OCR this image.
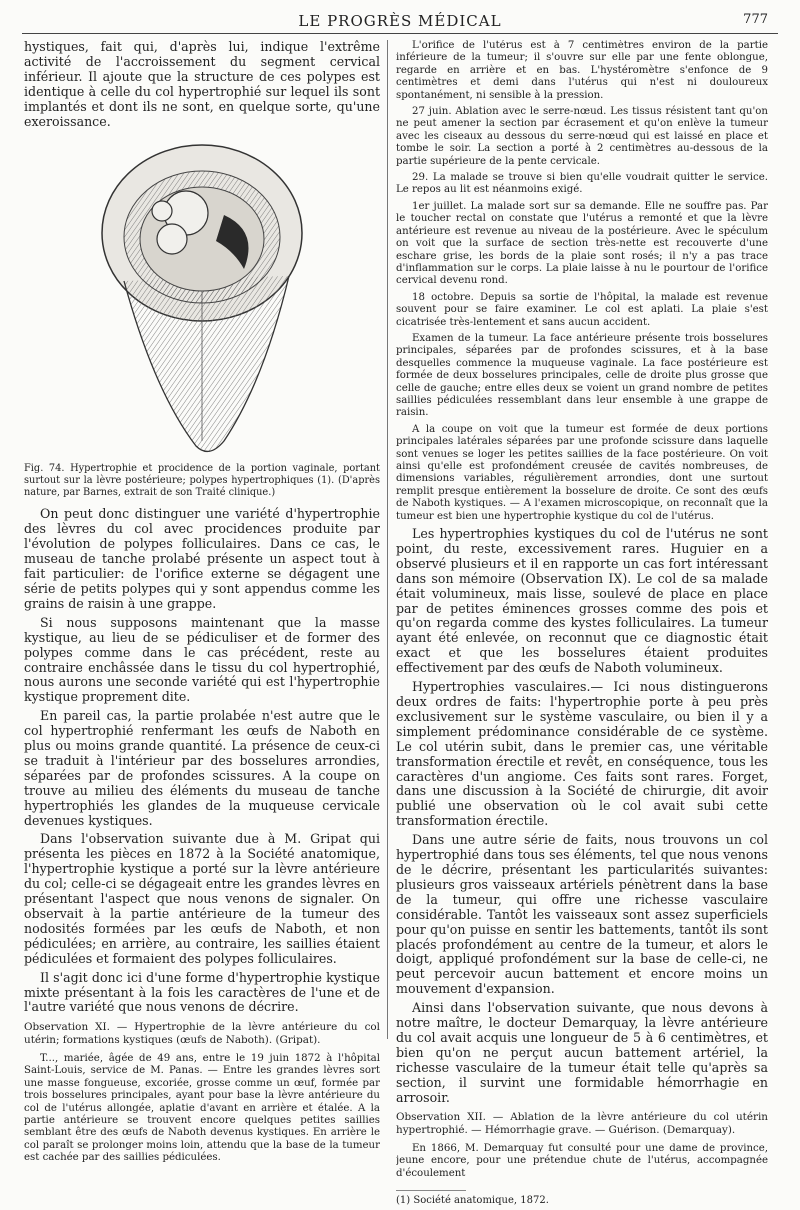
LE PROGRÈS MÉDICAL	777

hystiques, fait qui, d'après lui, indique l'extrême activité de l'accroissement du segment cervical inférieur. Il ajoute que la structure de ces polypes est identique à celle du col hypertrophié sur lequel ils sont implantés et dont ils ne sont, en quelque sorte, qu'une exeroissance.

Fig. 74. Hypertrophie et procidence de la portion vaginale, portant surtout sur la lèvre postérieure; polypes hypertrophiques (1). (D'après nature, par Barnes, extrait de son Traité clinique.)

On peut donc distinguer une variété d'hypertrophie des lèvres du col avec procidences produite par l'évolution de polypes folliculaires. Dans ce cas, le museau de tanche prolabé présente un aspect tout à fait particulier: de l'orifice externe se dégagent une série de petits polypes qui y sont appendus comme les grains de raisin à une grappe.

Si nous supposons maintenant que la masse kystique, au lieu de se pédiculiser et de former des polypes comme dans le cas précédent, reste au contraire enchâssée dans le tissu du col hypertrophié, nous aurons une seconde variété qui est l'hypertrophie kystique proprement dite.

En pareil cas, la partie prolabée n'est autre que le col hypertrophié renfermant les œufs de Naboth en plus ou moins grande quantité. La présence de ceux-ci se traduit à l'intérieur par des bosselures arrondies, séparées par de profondes scissures. A la coupe on trouve au milieu des éléments du museau de tanche hypertrophiés les glandes de la muqueuse cervicale devenues kystiques.

Dans l'observation suivante due à M. Gripat qui présenta les pièces en 1872 à la Société anatomique, l'hypertrophie kystique a porté sur la lèvre antérieure du col; celle-ci se dégageait entre les grandes lèvres en présentant l'aspect que nous venons de signaler. On observait à la partie antérieure de la tumeur des nodosités formées par les œufs de Naboth, et non pédiculées; en arrière, au contraire, les saillies étaient pédiculées et formaient des polypes folliculaires.

Il s'agit donc ici d'une forme d'hypertrophie kystique mixte présentant à la fois les caractères de l'une et de l'autre variété que nous venons de décrire.

Observation XI. — Hypertrophie de la lèvre antérieure du col utérin; formations kystiques (œufs de Naboth). (Gripat).

T..., mariée, âgée de 49 ans, entre le 19 juin 1872 à l'hôpital Saint-Louis, service de M. Panas. — Entre les grandes lèvres sort une masse fongueuse, excoriée, grosse comme un œuf, formée par trois bosselures principales, ayant pour base la lèvre antérieure du col de l'utérus allongée, aplatie d'avant en arrière et étalée. A la partie antérieure se trouvent encore quelques petites saillies semblant être des œufs de Naboth devenus kystiques. En arrière le col paraît se prolonger moins loin, attendu que la base de la tumeur est cachée par des saillies pédiculées.

L'orifice de l'utérus est à 7 centimètres environ de la partie inférieure de la tumeur; il s'ouvre sur elle par une fente oblongue, regarde en arrière et en bas. L'hystéromètre s'enfonce de 9 centimètres et demi dans l'utérus qui n'est ni douloureux spontanément, ni sensible à la pression.

27 juin. Ablation avec le serre-nœud. Les tissus résistent tant qu'on ne peut amener la section par écrasement et qu'on enlève la tumeur avec les ciseaux au dessous du serre-nœud qui est laissé en place et tombe le soir. La section a porté à 2 centimètres au-dessous de la partie supérieure de la pente cervicale.

29. La malade se trouve si bien qu'elle voudrait quitter le service. Le repos au lit est néanmoins exigé.

1er juillet. La malade sort sur sa demande. Elle ne souffre pas. Par le toucher rectal on constate que l'utérus a remonté et que la lèvre antérieure est revenue au niveau de la postérieure. Avec le spéculum on voit que la surface de section très-nette est recouverte d'une eschare grise, les bords de la plaie sont rosés; il n'y a pas trace d'inflammation sur le corps. La plaie laisse à nu le pourtour de l'orifice cervical devenu rond.

18 octobre. Depuis sa sortie de l'hôpital, la malade est revenue souvent pour se faire examiner. Le col est aplati. La plaie s'est cicatrisée très-lentement et sans aucun accident.

Examen de la tumeur. La face antérieure présente trois bosselures principales, séparées par de profondes scissures, et à la base desquelles commence la muqueuse vaginale. La face postérieure est formée de deux bosselures principales, celle de droite plus grosse que celle de gauche; entre elles deux se voient un grand nombre de petites saillies pédiculées ressemblant dans leur ensemble à une grappe de raisin.

A la coupe on voit que la tumeur est formée de deux portions principales latérales séparées par une profonde scissure dans laquelle sont venues se loger les petites saillies de la face postérieure. On voit ainsi qu'elle est profondément creusée de cavités nombreuses, de dimensions variables, régulièrement arrondies, dont une surtout remplit presque entièrement la bosselure de droite. Ce sont des œufs de Naboth kystiques. — A l'examen microscopique, on reconnaît que la tumeur est bien une hypertrophie kystique du col de l'utérus.

Les hypertrophies kystiques du col de l'utérus ne sont point, du reste, excessivement rares. Huguier en a observé plusieurs et il en rapporte un cas fort intéressant dans son mémoire (Observation IX). Le col de sa malade était volumineux, mais lisse, soulevé de place en place par de petites éminences grosses comme des pois et qu'on regarda comme des kystes folliculaires. La tumeur ayant été enlevée, on reconnut que ce diagnostic était exact et que les bosselures étaient produites effectivement par des œufs de Naboth volumineux.

Hypertrophies vasculaires.— Ici nous distinguerons deux ordres de faits: l'hypertrophie porte à peu près exclusivement sur le système vasculaire, ou bien il y a simplement prédominance considérable de ce système. Le col utérin subit, dans le premier cas, une véritable transformation érectile et revêt, en conséquence, tous les caractères d'un angiome. Ces faits sont rares. Forget, dans une discussion à la Société de chirurgie, dit avoir publié une observation où le col avait subi cette transformation érectile.

Dans une autre série de faits, nous trouvons un col hypertrophié dans tous ses éléments, tel que nous venons de le décrire, présentant les particularités suivantes: plusieurs gros vaisseaux artériels pénètrent dans la base de la tumeur, qui offre une richesse vasculaire considérable. Tantôt les vaisseaux sont assez superficiels pour qu'on puisse en sentir les battements, tantôt ils sont placés profondément au centre de la tumeur, et alors le doigt, appliqué profondément sur la base de celle-ci, ne peut percevoir aucun battement et encore moins un mouvement d'expansion.

Ainsi dans l'observation suivante, que nous devons à notre maître, le docteur Demarquay, la lèvre antérieure du col avait acquis une longueur de 5 à 6 centimètres, et bien qu'on ne perçut aucun battement artériel, la richesse vasculaire de la tumeur était telle qu'après sa section, il survint une formidable hémorrhagie en arrosoir.

Observation XII. — Ablation de la lèvre antérieure du col utérin hypertrophié. — Hémorrhagie grave. — Guérison. (Demarquay).

En 1866, M. Demarquay fut consulté pour une dame de province, jeune encore, pour une prétendue chute de l'utérus, accompagnée d'écoulement

(1) Société anatomique, 1872.
